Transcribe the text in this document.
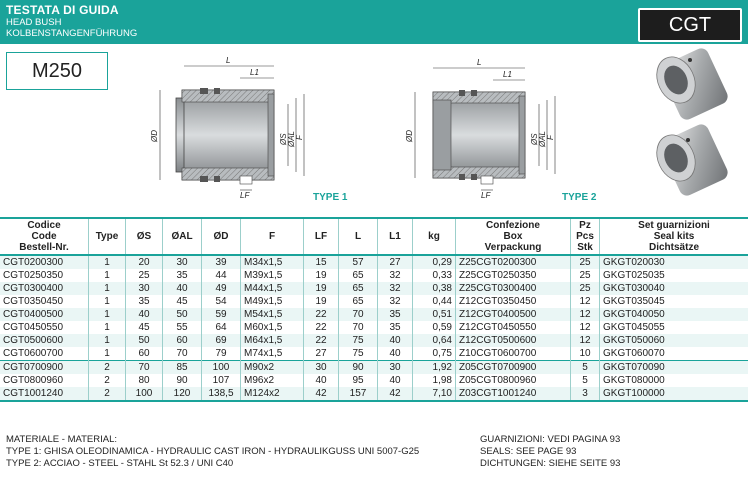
TESTATA DI GUIDA
HEAD BUSH
KOLBENSTANGENFÜHRUNG	CGT
M250	L
L1
LF
ØD	ØS ØAL F
TYPE 1
L
L1
LF
ØD	ØS ØAL F
TYPE 2
Codice
Code
Bestell-Nr.	Type	ØS	ØAL	ØD	F	LF	L	L1	kg	Confezione
Box
Verpackung	Pz
Pcs
Stk	Set guarnizioni
Seal kits
Dichtsätze
CGT0200300	1	20	30	39	M34x1,5	15	57	27	0,29	Z25CGT0200300	25	GKGT020030
CGT0250350	1	25	35	44	M39x1,5	19	65	32	0,33	Z25CGT0250350	25	GKGT025035
CGT0300400	1	30	40	49	M44x1,5	19	65	32	0,38	Z25CGT0300400	25	GKGT030040
CGT0350450	1	35	45	54	M49x1,5	19	65	32	0,44	Z12CGT0350450	12	GKGT035045
CGT0400500	1	40	50	59	M54x1,5	22	70	35	0,51	Z12CGT0400500	12	GKGT040050
CGT0450550	1	45	55	64	M60x1,5	22	70	35	0,59	Z12CGT0450550	12	GKGT045055
CGT0500600	1	50	60	69	M64x1,5	22	75	40	0,64	Z12CGT0500600	12	GKGT050060
CGT0600700	1	60	70	79	M74x1,5	27	75	40	0,75	Z10CGT0600700	10	GKGT060070
CGT0700900	2	70	85	100	M90x2	30	90	30	1,92	Z05CGT0700900	5	GKGT070090
CGT0800960	2	80	90	107	M96x2	40	95	40	1,98	Z05CGT0800960	5	GKGT080000
CGT1001240	2	100	120	138,5	M124x2	42	157	42	7,10	Z03CGT1001240	3	GKGT100000
MATERIALE - MATERIAL:
TYPE 1: GHISA OLEODINAMICA - HYDRAULIC CAST IRON - HYDRAULIKGUSS UNI 5007-G25
TYPE 2: ACCIAO - STEEL - STAHL St 52.3 / UNI C40
GUARNIZIONI: VEDI PAGINA 93
SEALS: SEE PAGE 93
DICHTUNGEN: SIEHE SEITE 93
